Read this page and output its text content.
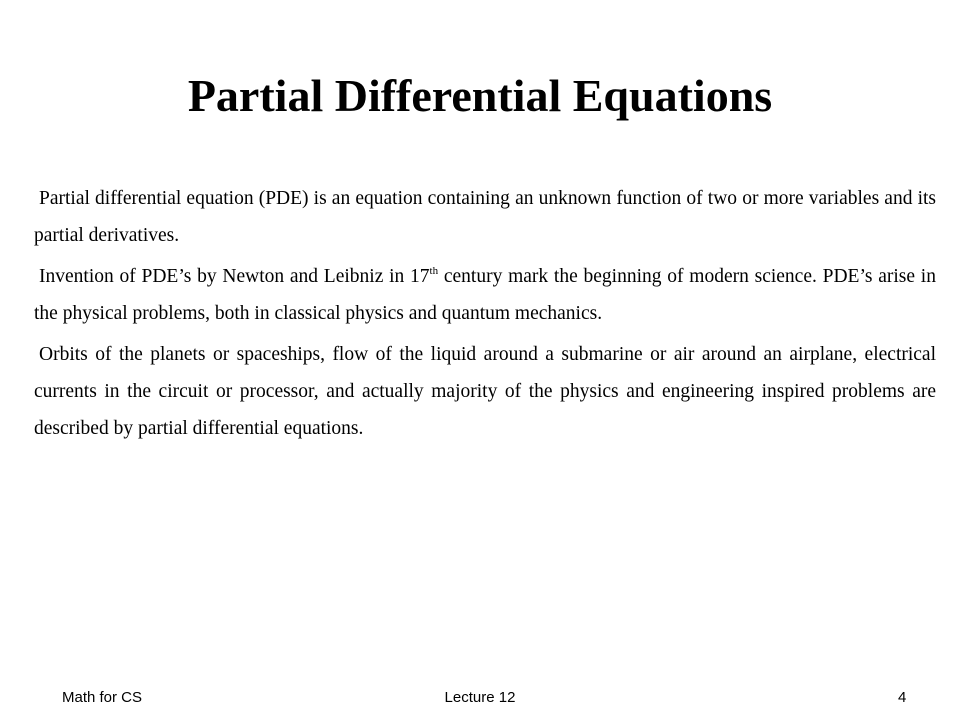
Partial Differential Equations

Partial differential equation (PDE) is an equation containing an unknown function of two or more variables and its partial derivatives.

Invention of PDE’s by Newton and Leibniz in 17th century mark the beginning of modern science. PDE’s arise in the physical problems, both in classical physics and quantum mechanics.

Orbits of the planets or spaceships, flow of the liquid around a submarine or air around an airplane, electrical currents in the circuit or processor, and actually majority of the physics and engineering inspired problems are described by partial differential equations.

Math for CS	Lecture 12	4
